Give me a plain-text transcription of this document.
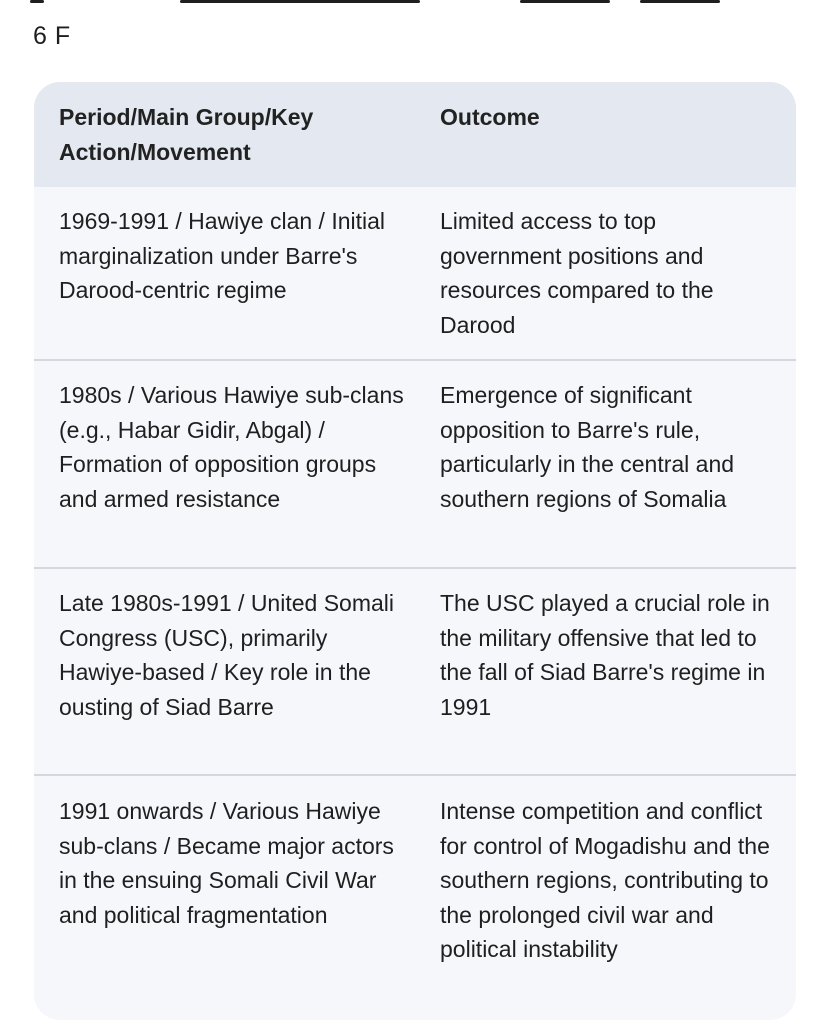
6 F
Period/Main Group/Key Action/Movement
Outcome
1969-1991 / Hawiye clan / Initial marginalization under Barre's Darood-centric regime
Limited access to top government positions and resources compared to the Darood
1980s / Various Hawiye sub-clans (e.g., Habar Gidir, Abgal) / Formation of opposition groups and armed resistance
Emergence of significant opposition to Barre's rule, particularly in the central and southern regions of Somalia
Late 1980s-1991 / United Somali Congress (USC), primarily Hawiye-based / Key role in the ousting of Siad Barre
The USC played a crucial role in the military offensive that led to the fall of Siad Barre's regime in 1991
1991 onwards / Various Hawiye sub-clans / Became major actors in the ensuing Somali Civil War and political fragmentation
Intense competition and conflict for control of Mogadishu and the southern regions, contributing to the prolonged civil war and political instability
